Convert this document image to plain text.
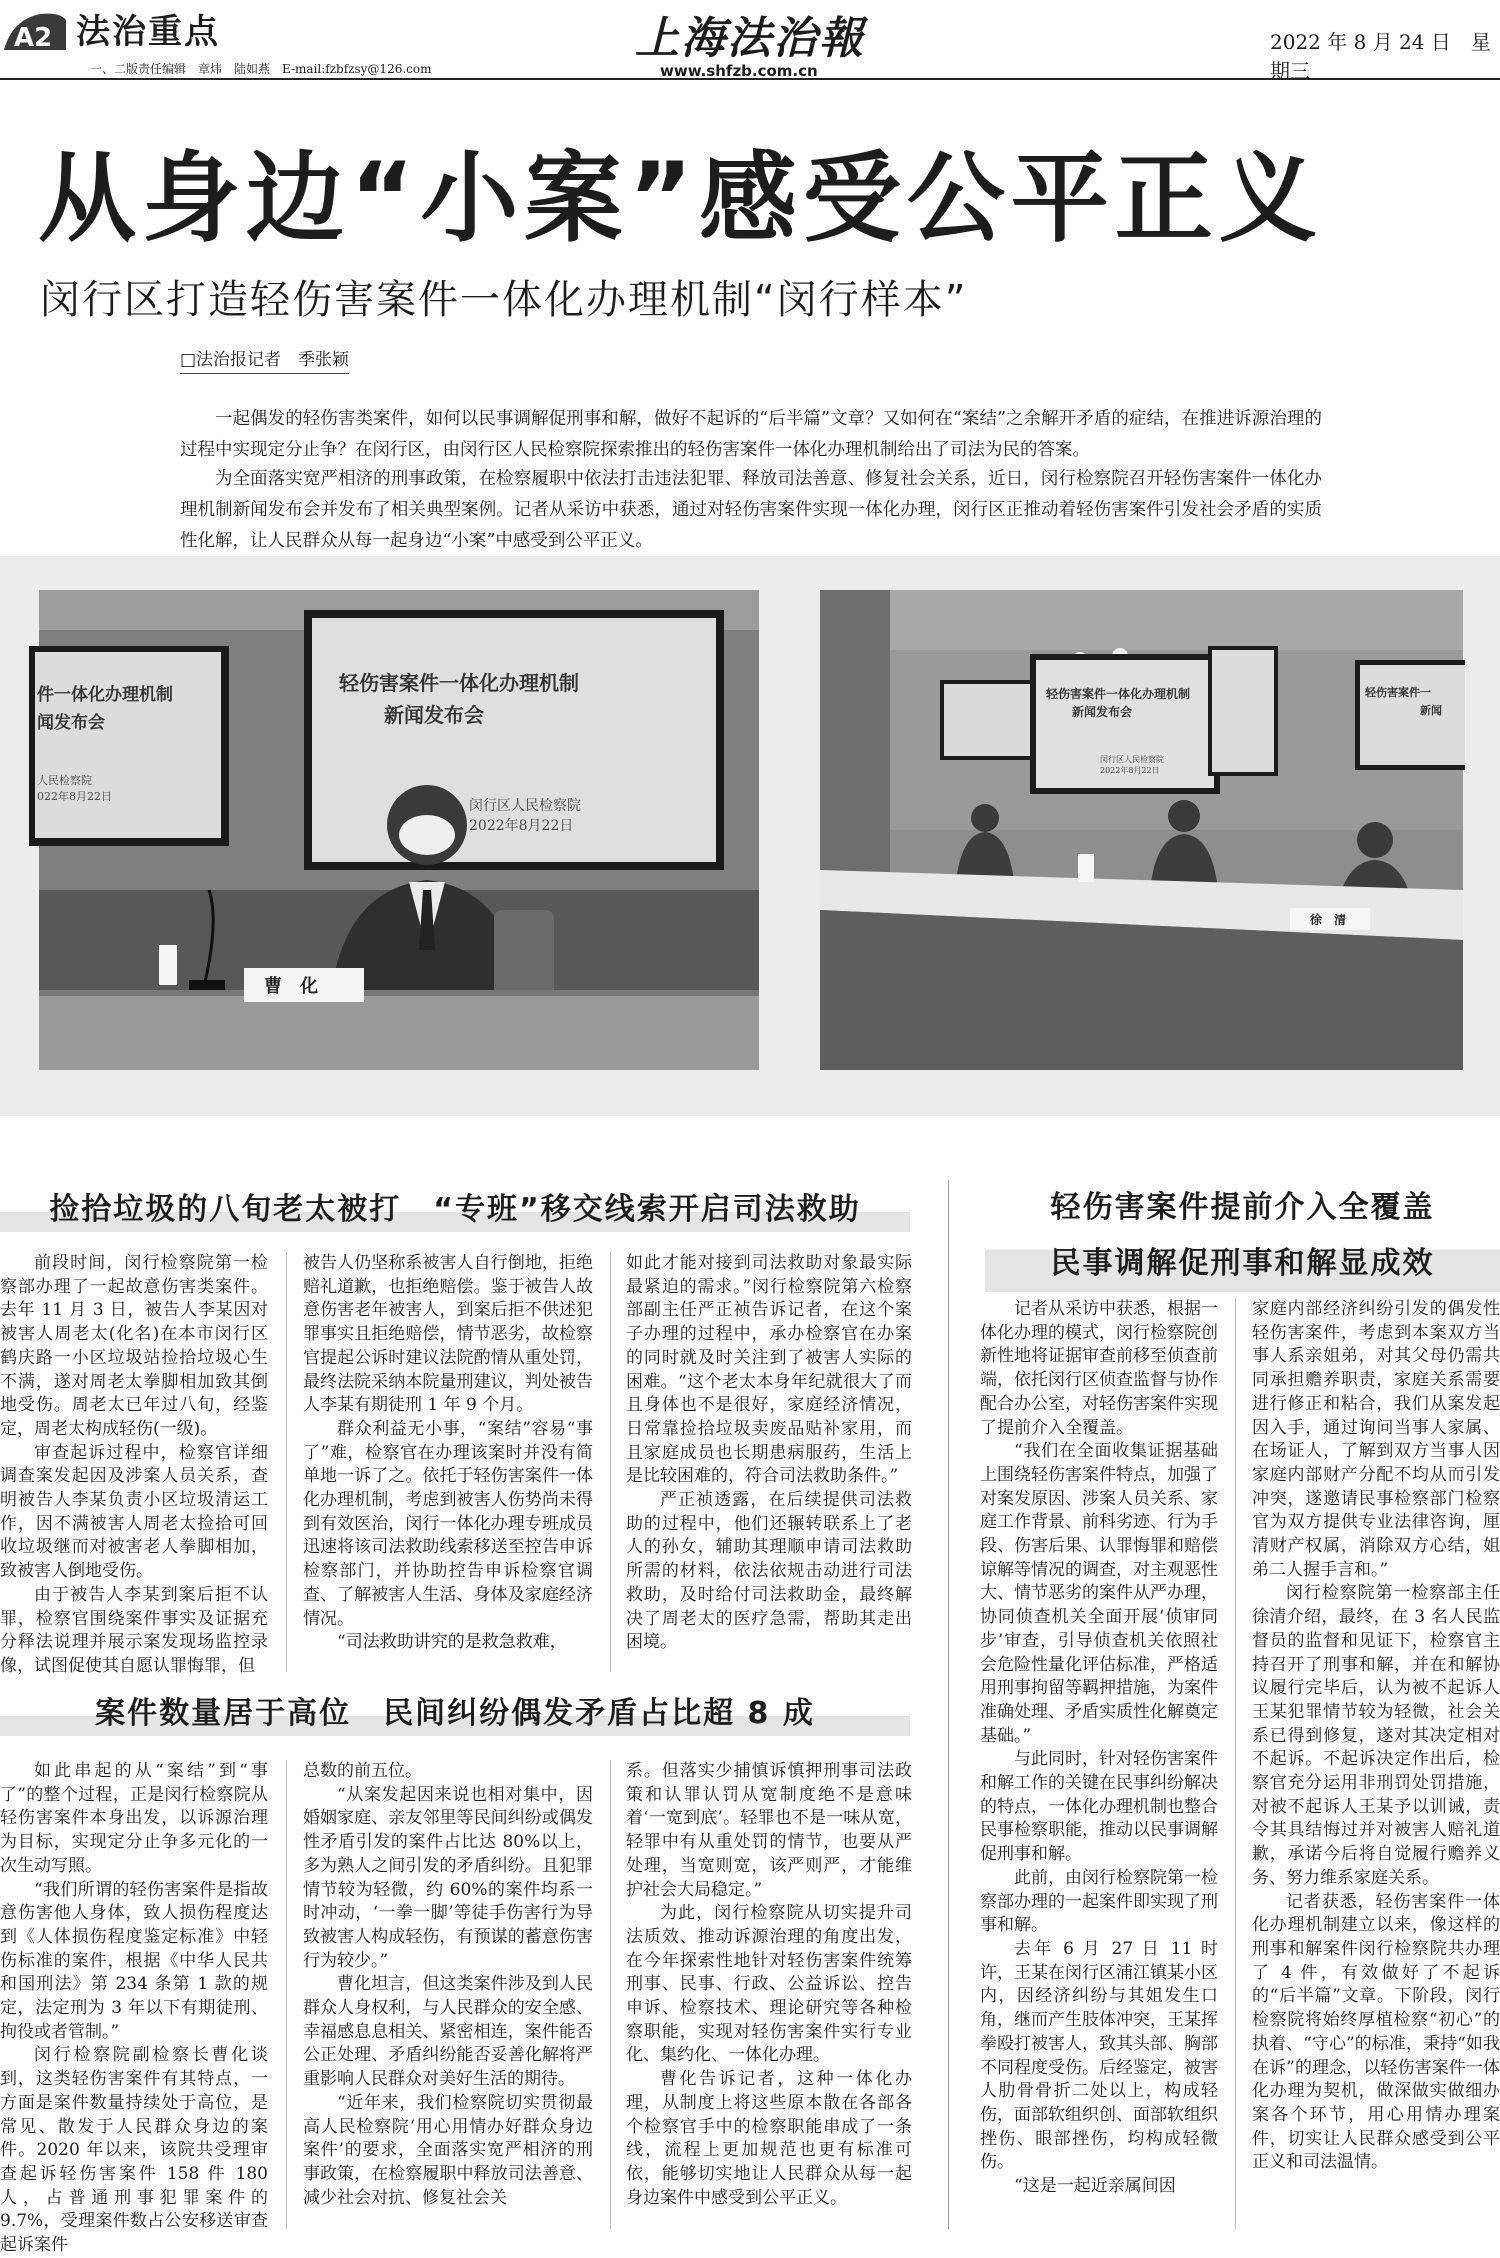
A2 法治重点
一、二版责任编辑　章炜　陆如燕　E-mail:fzbfzsy@126.com
上海法治報
www.shfzb.com.cn
2022 年 8 月 24 日　星期三
从身边“小案”感受公平正义
闵行区打造轻伤害案件一体化办理机制“闵行样本”
□法治报记者　季张颖

一起偶发的轻伤害类案件，如何以民事调解促刑事和解，做好不起诉的“后半篇”文章？又如何在“案结”之余解开矛盾的症结，在推进诉源治理的过程中实现定分止争？在闵行区，由闵行区人民检察院探索推出的轻伤害案件一体化办理机制给出了司法为民的答案。

为全面落实宽严相济的刑事政策，在检察履职中依法打击违法犯罪、释放司法善意、修复社会关系，近日，闵行检察院召开轻伤害案件一体化办理机制新闻发布会并发布了相关典型案例。记者从采访中获悉，通过对轻伤害案件实现一体化办理，闵行区正推动着轻伤害案件引发社会矛盾的实质性化解，让人民群众从每一起身边“小案”中感受到公平正义。

件一体化办理机制
闻发布会
人民检察院
022年8月22日
轻伤害案件一体化办理机制
新闻发布会
闵行区人民检察院
2022年8月22日
曹　化
轻伤害案件一体化办理机制
新闻发布会
闵行区人民检察院
2022年8月22日
轻伤害案件一
新闻
徐　清
捡拾垃圾的八旬老太被打　“专班”移交线索开启司法救助

前段时间，闵行检察院第一检察部办理了一起故意伤害类案件。去年 11 月 3 日，被告人李某因对被害人周老太(化名)在本市闵行区鹤庆路一小区垃圾站捡拾垃圾心生不满，遂对周老太拳脚相加致其倒地受伤。周老太已年过八旬，经鉴定，周老太构成轻伤(一级)。

审查起诉过程中，检察官详细调查案发起因及涉案人员关系，查明被告人李某负责小区垃圾清运工作，因不满被害人周老太捡拾可回收垃圾继而对被害老人拳脚相加，致被害人倒地受伤。

由于被告人李某到案后拒不认罪，检察官围绕案件事实及证据充分释法说理并展示案发现场监控录像，试图促使其自愿认罪悔罪，但

被告人仍坚称系被害人自行倒地，拒绝赔礼道歉，也拒绝赔偿。鉴于被告人故意伤害老年被害人，到案后拒不供述犯罪事实且拒绝赔偿，情节恶劣，故检察官提起公诉时建议法院酌情从重处罚，最终法院采纳本院量刑建议，判处被告人李某有期徒刑 1 年 9 个月。

群众利益无小事，“案结”容易“事了”难，检察官在办理该案时并没有简单地一诉了之。依托于轻伤害案件一体化办理机制，考虑到被害人伤势尚未得到有效医治，闵行一体化办理专班成员迅速将该司法救助线索移送至控告申诉检察部门，并协助控告申诉检察官调查、了解被害人生活、身体及家庭经济情况。

“司法救助讲究的是救急救难，

如此才能对接到司法救助对象最实际最紧迫的需求。”闵行检察院第六检察部副主任严正祯告诉记者，在这个案子办理的过程中，承办检察官在办案的同时就及时关注到了被害人实际的困难。“这个老太本身年纪就很大了而且身体也不是很好，家庭经济情况，日常靠捡拾垃圾卖废品贴补家用，而且家庭成员也长期患病服药，生活上是比较困难的，符合司法救助条件。”

严正祯透露，在后续提供司法救助的过程中，他们还辗转联系上了老人的孙女，辅助其理顺申请司法救助所需的材料，依法依规击动进行司法救助，及时给付司法救助金，最终解决了周老太的医疗急需，帮助其走出困境。

案件数量居于高位　民间纠纷偶发矛盾占比超 8 成

如此串起的从“案结”到“事了”的整个过程，正是闵行检察院从轻伤害案件本身出发，以诉源治理为目标，实现定分止争多元化的一次生动写照。

“我们所谓的轻伤害案件是指故意伤害他人身体，致人损伤程度达到《人体损伤程度鉴定标准》中轻伤标准的案件，根据《中华人民共和国刑法》第 234 条第 1 款的规定，法定刑为 3 年以下有期徒刑、拘役或者管制。”

闵行检察院副检察长曹化谈到，这类轻伤害案件有其特点，一方面是案件数量持续处于高位，是常见、散发于人民群众身边的案件。2020 年以来，该院共受理审查起诉轻伤害案件 158 件 180 人，占普通刑事犯罪案件的 9.7%，受理案件数占公安移送审查起诉案件

总数的前五位。

“从案发起因来说也相对集中，因婚姻家庭、亲友邻里等民间纠纷或偶发性矛盾引发的案件占比达 80%以上，多为熟人之间引发的矛盾纠纷。且犯罪情节较为轻微，约 60%的案件均系一时冲动，‘一拳一脚’等徒手伤害行为导致被害人构成轻伤，有预谋的蓄意伤害行为较少。”

曹化坦言，但这类案件涉及到人民群众人身权利，与人民群众的安全感、幸福感息息相关、紧密相连，案件能否公正处理、矛盾纠纷能否妥善化解将严重影响人民群众对美好生活的期待。

“近年来，我们检察院切实贯彻最高人民检察院‘用心用情办好群众身边案件’的要求，全面落实宽严相济的刑事政策，在检察履职中释放司法善意、减少社会对抗、修复社会关

系。但落实少捕慎诉慎押刑事司法政策和认罪认罚从宽制度绝不是意味着‘一宽到底’。轻罪也不是一味从宽，轻罪中有从重处罚的情节，也要从严处理，当宽则宽，该严则严，才能维护社会大局稳定。”

为此，闵行检察院从切实提升司法质效、推动诉源治理的角度出发，在今年探索性地针对轻伤害案件统筹刑事、民事、行政、公益诉讼、控告申诉、检察技术、理论研究等各种检察职能，实现对轻伤害案件实行专业化、集约化、一体化办理。

曹化告诉记者，这种一体化办理，从制度上将这些原本散在各部各个检察官手中的检察职能串成了一条线，流程上更加规范也更有标准可依，能够切实地让人民群众从每一起身边案件中感受到公平正义。

轻伤害案件提前介入全覆盖
民事调解促刑事和解显成效

记者从采访中获悉，根据一体化办理的模式，闵行检察院创新性地将证据审查前移至侦查前端，依托闵行区侦查监督与协作配合办公室，对轻伤害案件实现了提前介入全覆盖。

“我们在全面收集证据基础上围绕轻伤害案件特点，加强了对案发原因、涉案人员关系、家庭工作背景、前科劣迹、行为手段、伤害后果、认罪悔罪和赔偿谅解等情况的调查，对主观恶性大、情节恶劣的案件从严办理，协同侦查机关全面开展‘侦审同步’审查，引导侦查机关依照社会危险性量化评估标准，严格适用刑事拘留等羁押措施，为案件准确处理、矛盾实质性化解奠定基础。”

与此同时，针对轻伤害案件和解工作的关键在民事纠纷解决的特点，一体化办理机制也整合民事检察职能，推动以民事调解促刑事和解。

此前，由闵行检察院第一检察部办理的一起案件即实现了刑事和解。

去年 6 月 27 日 11 时许，王某在闵行区浦江镇某小区内，因经济纠纷与其姐发生口角，继而产生肢体冲突，王某挥拳殴打被害人，致其头部、胸部不同程度受伤。后经鉴定，被害人肋骨骨折二处以上，构成轻伤，面部软组织创、面部软组织挫伤、眼部挫伤，均构成轻微伤。

“这是一起近亲属间因

家庭内部经济纠纷引发的偶发性轻伤害案件，考虑到本案双方当事人系亲姐弟，对其父母仍需共同承担赡养职责，家庭关系需要进行修正和粘合，我们从案发起因入手，通过询问当事人家属、在场证人，了解到双方当事人因家庭内部财产分配不均从而引发冲突，遂邀请民事检察部门检察官为双方提供专业法律咨询，厘清财产权属，消除双方心结，姐弟二人握手言和。”

闵行检察院第一检察部主任徐清介绍，最终，在 3 名人民监督员的监督和见证下，检察官主持召开了刑事和解，并在和解协议履行完毕后，认为被不起诉人王某犯罪情节较为轻微，社会关系已得到修复，遂对其决定相对不起诉。不起诉决定作出后，检察官充分运用非刑罚处罚措施，对被不起诉人王某予以训诫，责令其具结悔过并对被害人赔礼道歉，承诺今后将自觉履行赡养义务、努力维系家庭关系。

记者获悉，轻伤害案件一体化办理机制建立以来，像这样的刑事和解案件闵行检察院共办理了 4 件，有效做好了不起诉的“后半篇”文章。下阶段，闵行检察院将始终厚植检察“初心”的执着、“守心”的标准，秉持“如我在诉”的理念，以轻伤害案件一体化办理为契机，做深做实做细办案各个环节，用心用情办理案件，切实让人民群众感受到公平正义和司法温情。
